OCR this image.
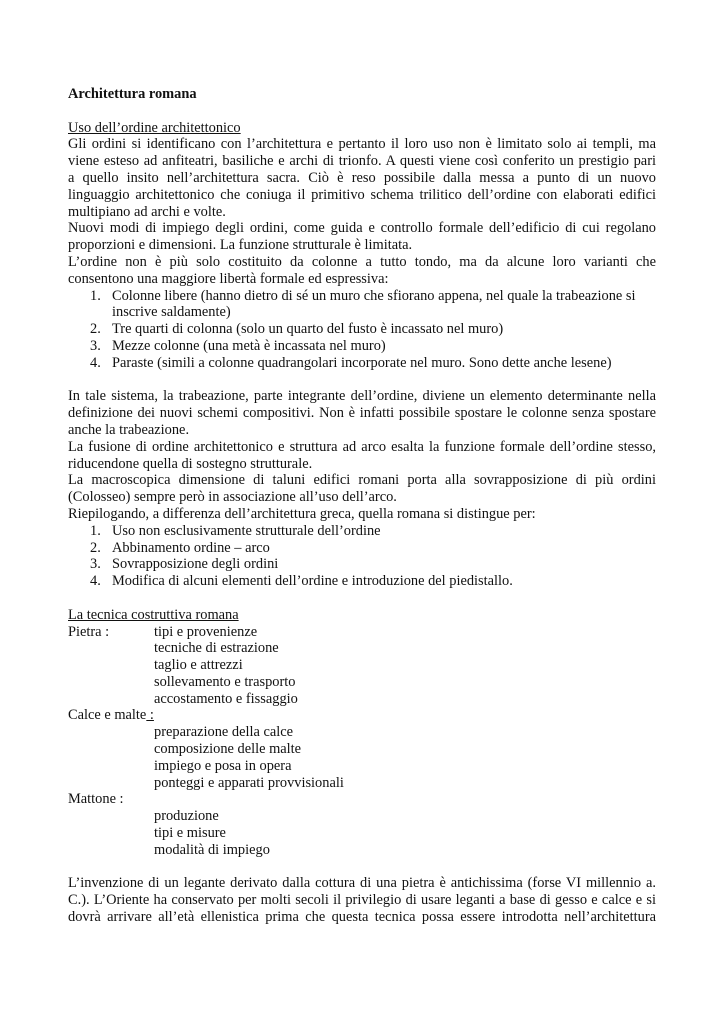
Architettura romana
Uso dell’ordine architettonico
Gli ordini si identificano con l’architettura e pertanto il loro uso non è limitato solo ai templi, ma
viene esteso ad anfiteatri, basiliche e archi di trionfo. A questi viene così conferito un prestigio pari
a quello insito nell’architettura sacra. Ciò è reso possibile dalla messa a punto di un nuovo
linguaggio architettonico che coniuga il primitivo schema trilitico dell’ordine con elaborati edifici
multipiano ad archi e volte.
Nuovi modi di impiego degli ordini, come guida e controllo formale dell’edificio di cui regolano
proporzioni e dimensioni. La funzione strutturale è limitata.
L’ordine non è più solo costituito da colonne a tutto tondo, ma da alcune loro varianti che
consentono una maggiore libertà formale ed espressiva:
1. Colonne libere (hanno dietro di sé un muro che sfiorano appena, nel quale la trabeazione si
inscrive saldamente)
2. Tre quarti di colonna (solo un quarto del fusto è incassato nel muro)
3. Mezze colonne (una metà è incassata nel muro)
4. Paraste (simili a colonne quadrangolari incorporate nel muro. Sono dette anche lesene)
In tale sistema, la trabeazione, parte integrante dell’ordine, diviene un elemento determinante nella
definizione dei nuovi schemi compositivi. Non è infatti possibile spostare le colonne senza spostare
anche la trabeazione.
La fusione di ordine architettonico e struttura ad arco esalta la funzione formale dell’ordine stesso,
riducendone quella di sostegno strutturale.
La macroscopica dimensione di taluni edifici romani porta alla sovrapposizione di più ordini
(Colosseo) sempre però in associazione all’uso dell’arco.
Riepilogando, a differenza dell’architettura greca, quella romana si distingue per:
1. Uso non esclusivamente strutturale dell’ordine
2. Abbinamento ordine – arco
3. Sovrapposizione degli ordini
4. Modifica di alcuni elementi dell’ordine e introduzione del piedistallo.
La tecnica costruttiva romana
Pietra :	tipi e provenienze
tecniche di estrazione
taglio e attrezzi
sollevamento e trasporto
accostamento e fissaggio
Calce e malte :
preparazione della calce
composizione delle malte
impiego e posa in opera
ponteggi e apparati provvisionali
Mattone :
produzione
tipi e misure
modalità di impiego
L’invenzione di un legante derivato dalla cottura di una pietra è antichissima (forse VI millennio a.
C.). L’Oriente ha conservato per molti secoli il privilegio di usare leganti a base di gesso e calce e si
dovrà arrivare all’età ellenistica prima che questa tecnica possa essere introdotta nell’architettura
